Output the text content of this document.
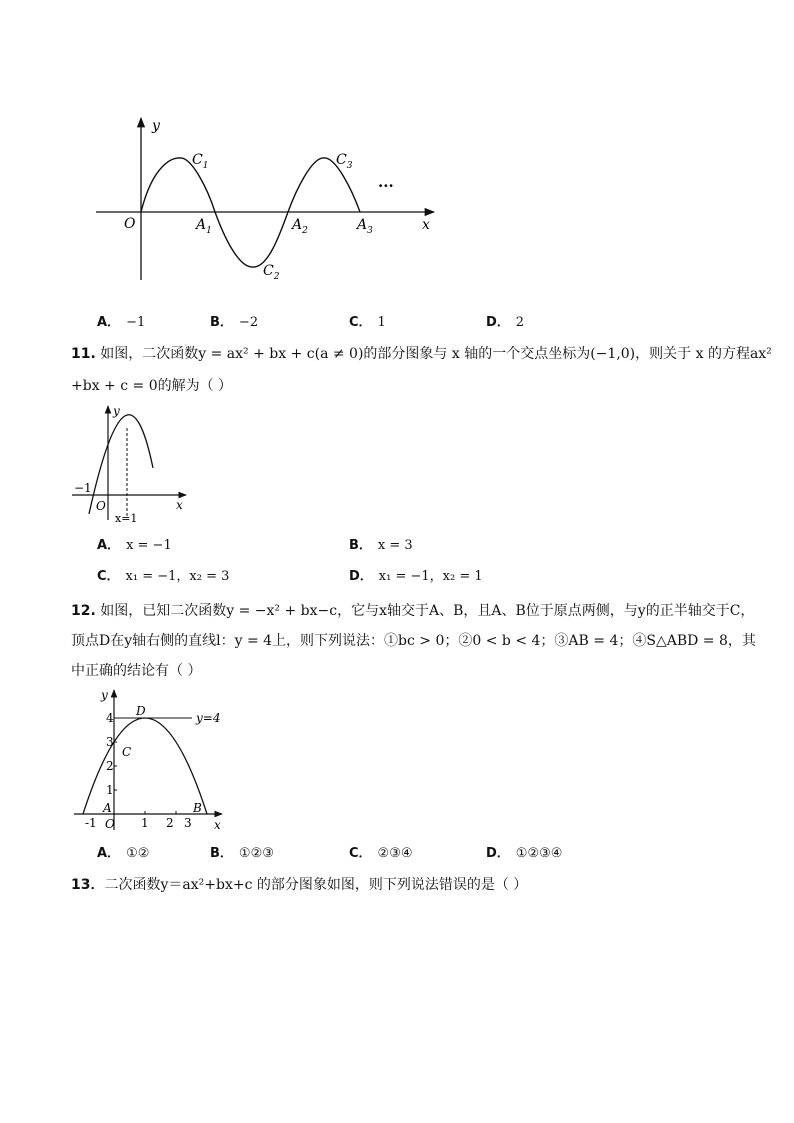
y
x
O
$C_1$
$C_2$
$C_3$
$A_1$	$A_2$	$A_3$
...
A． −1	B． −2	C． 1	D． 2
11. 如图，二次函数y = ax² + bx + c(a ≠ 0)的部分图象与 x 轴的一个交点坐标为(−1,0)，则关于 x 的方程ax²
+bx + c = 0的解为（ ）
y
x
O
−1
x=1
A． x = −1	B． x = 3
C． x₁ = −1，x₂ = 3	D． x₁ = −1，x₂ = 1
12. 如图，已知二次函数y = −x² + bx−c，它与x轴交于A、B，且A、B位于原点两侧，与y的正半轴交于C，
顶点D在y轴右侧的直线l：y = 4上，则下列说法：①bc > 0；②0 < b < 4；③AB = 4；④S△ABD = 8，其
中正确的结论有（ ）
y
x
O
D
C
A	B
y=4
-1	1 2 3
1
2
3
4
A． ①②	B． ①②③	C． ②③④	D． ①②③④
13．二次函数y＝ax²+bx+c 的部分图象如图，则下列说法错误的是（ ）
